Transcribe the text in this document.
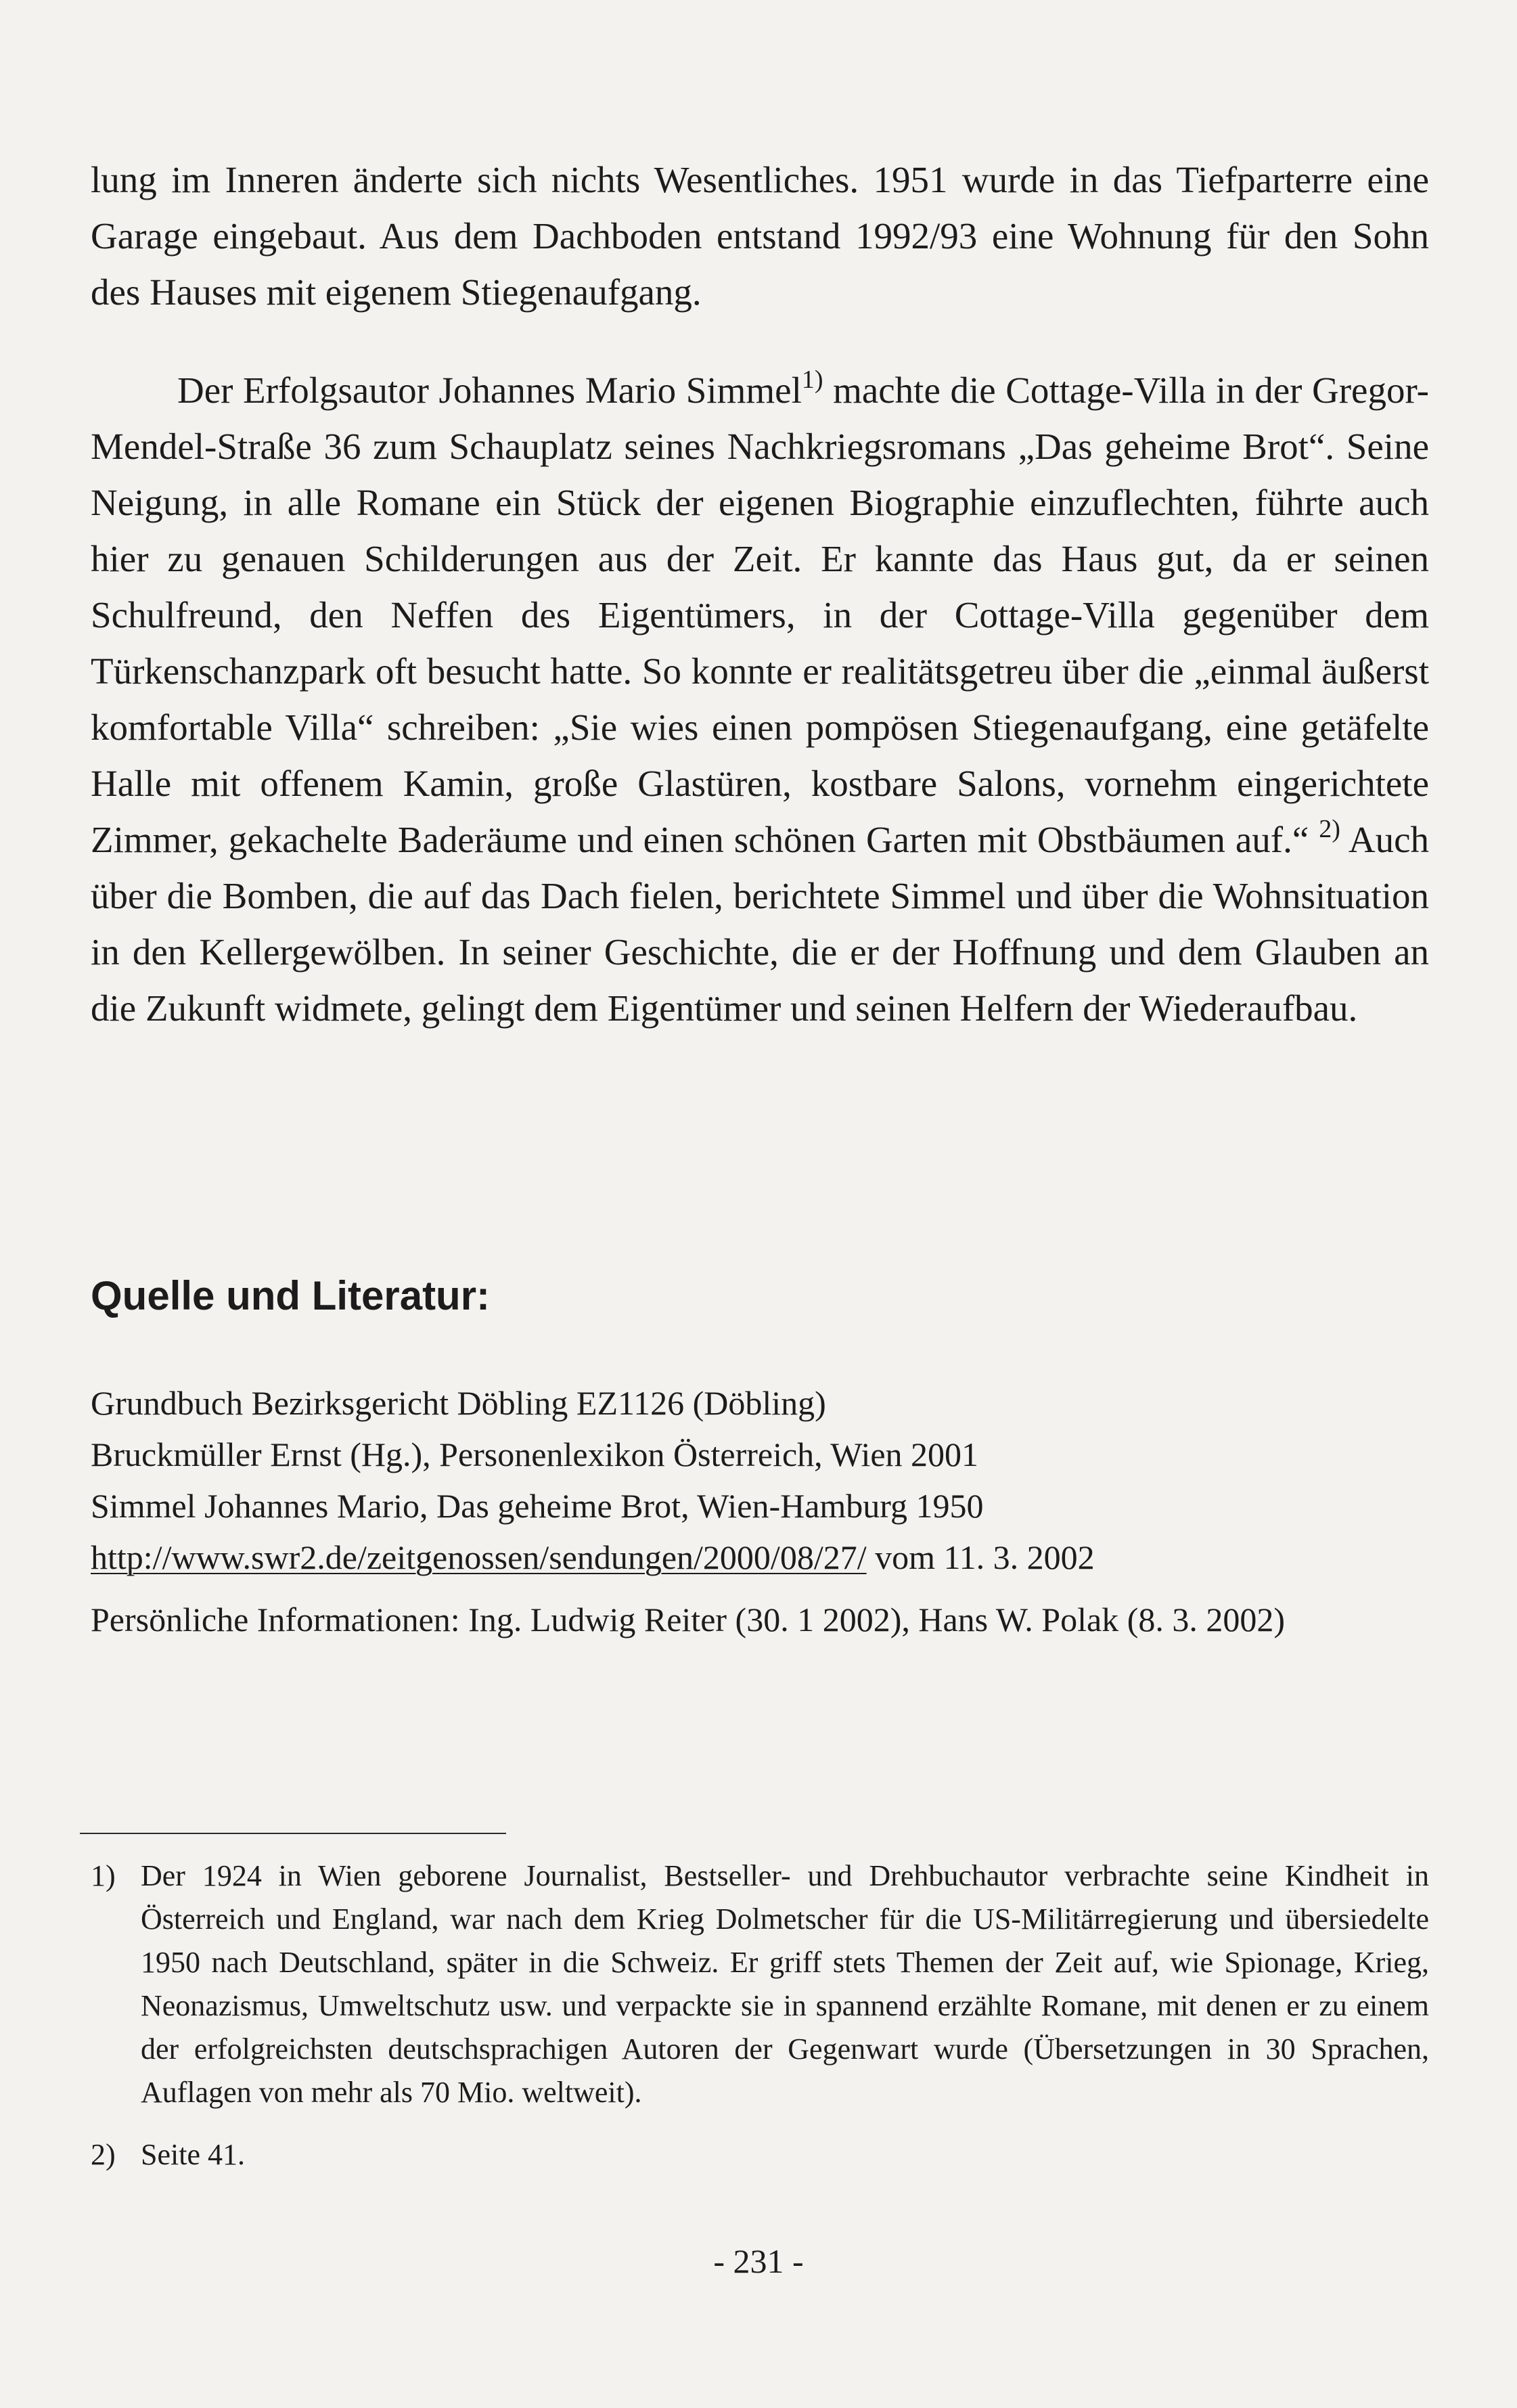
lung im Inneren änderte sich nichts Wesentliches. 1951 wurde in das Tiefparterre eine Garage eingebaut. Aus dem Dachboden entstand 1992/93 eine Wohnung für den Sohn des Hauses mit eigenem Stiegenaufgang.

Der Erfolgsautor Johannes Mario Simmel$^{1)}$ machte die Cottage-Villa in der Gregor-Mendel-Straße 36 zum Schauplatz seines Nachkriegsromans „Das geheime Brot“. Seine Neigung, in alle Romane ein Stück der eigenen Biographie einzuflechten, führte auch hier zu genauen Schilderungen aus der Zeit. Er kannte das Haus gut, da er seinen Schulfreund, den Neffen des Eigentümers, in der Cottage-Villa gegenüber dem Türkenschanzpark oft besucht hatte. So konnte er realitätsgetreu über die „einmal äußerst komfortable Villa“ schreiben: „Sie wies einen pompösen Stiegenaufgang, eine getäfelte Halle mit offenem Kamin, große Glastüren, kostbare Salons, vornehm eingerichtete Zimmer, gekachelte Baderäume und einen schönen Garten mit Obstbäumen auf.“ $^{2)}$ Auch über die Bomben, die auf das Dach fielen, berichtete Simmel und über die Wohnsituation in den Kellergewölben. In seiner Geschichte, die er der Hoffnung und dem Glauben an die Zukunft widmete, gelingt dem Eigentümer und seinen Helfern der Wiederaufbau.

Quelle und Literatur:
Grundbuch Bezirksgericht Döbling EZ1126 (Döbling)
Bruckmüller Ernst (Hg.), Personenlexikon Österreich, Wien 2001
Simmel Johannes Mario, Das geheime Brot, Wien-Hamburg 1950
http://www.swr2.de/zeitgenossen/sendungen/2000/08/27/ vom 11. 3. 2002
Persönliche Informationen: Ing. Ludwig Reiter (30. 1 2002), Hans W. Polak (8. 3. 2002)
1) Der 1924 in Wien geborene Journalist, Bestseller- und Drehbuchautor verbrachte seine Kindheit in Österreich und England, war nach dem Krieg Dolmetscher für die US-Militärregierung und übersiedelte 1950 nach Deutschland, später in die Schweiz. Er griff stets Themen der Zeit auf, wie Spionage, Krieg, Neonazismus, Umweltschutz usw. und verpackte sie in spannend erzählte Romane, mit denen er zu einem der erfolgreichsten deutschsprachigen Autoren der Gegenwart wurde (Übersetzungen in 30 Sprachen, Auflagen von mehr als 70 Mio. weltweit).
2) Seite 41.
- 231 -
